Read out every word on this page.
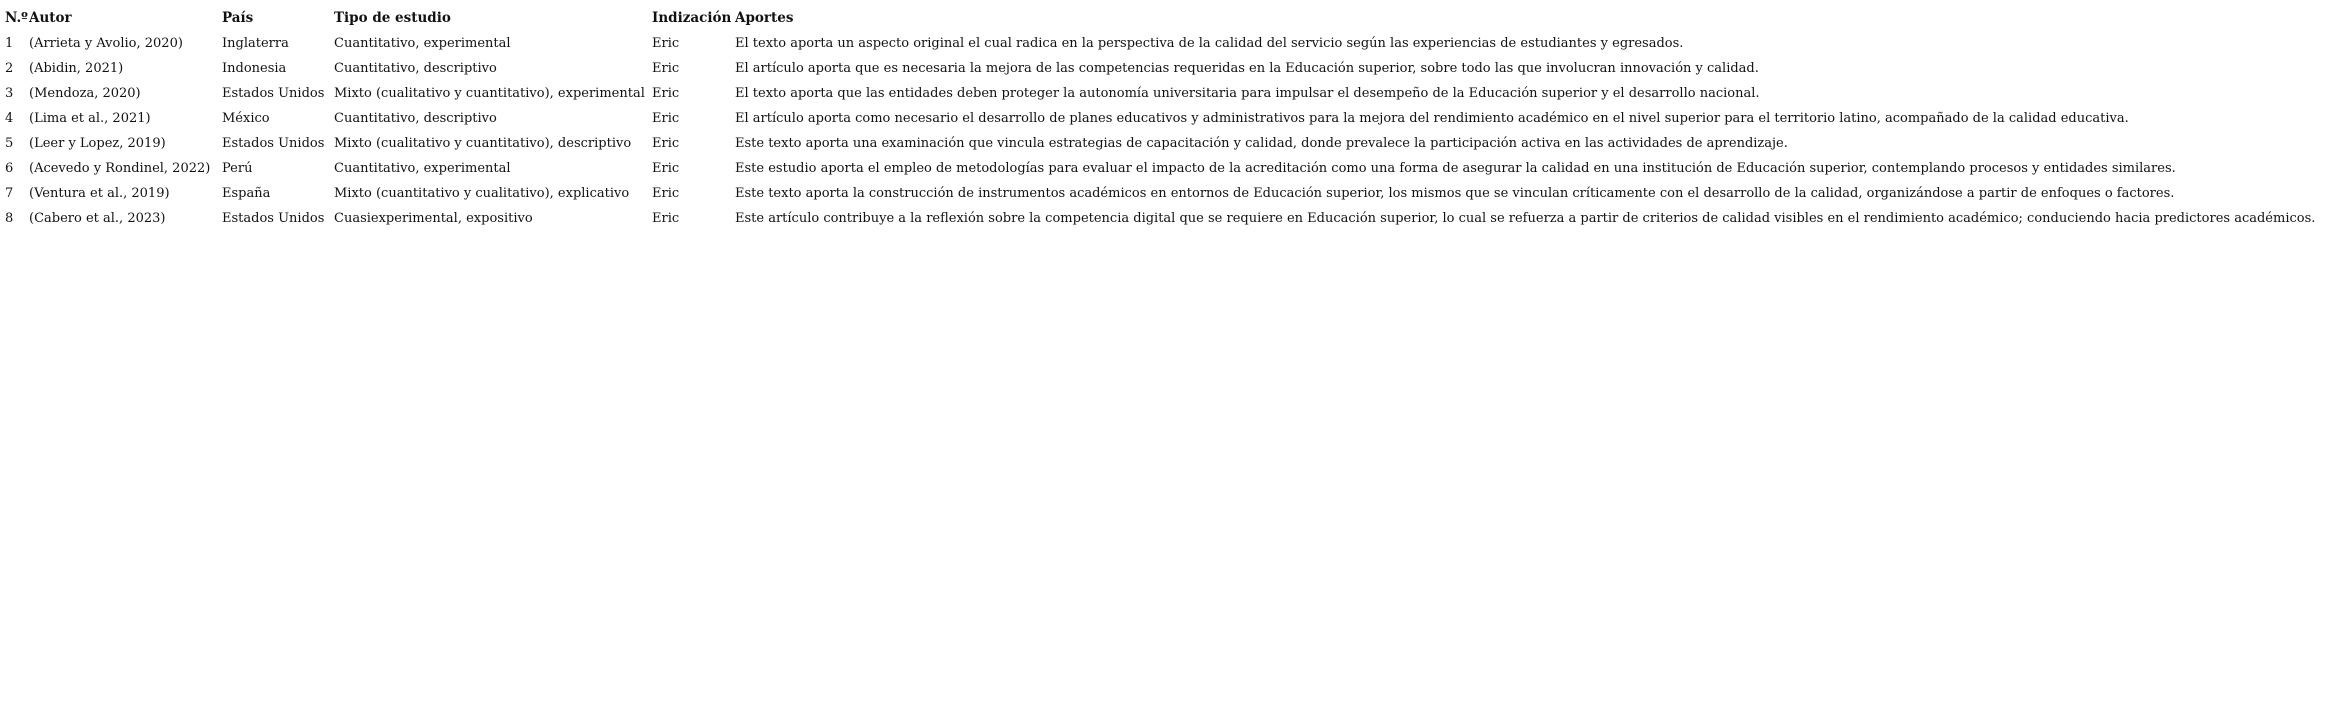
N.º	Autor	País	Tipo de estudio	Indización	Aportes
1	(Arrieta y Avolio, 2020)	Inglaterra	Cuantitativo, experimental	Eric	El texto aporta un aspecto original el cual radica en la perspectiva de la calidad del servicio según las experiencias de estudiantes y egresados.
2	(Abidin, 2021)	Indonesia	Cuantitativo, descriptivo	Eric	El artículo aporta que es necesaria la mejora de las competencias requeridas en la Educación superior, sobre todo las que involucran innovación y calidad.
3	(Mendoza, 2020)	Estados Unidos	Mixto (cualitativo y cuantitativo), experimental	Eric	El texto aporta que las entidades deben proteger la autonomía universitaria para impulsar el desempeño de la Educación superior y el desarrollo nacional.
4	(Lima et al., 2021)	México	Cuantitativo, descriptivo	Eric	El artículo aporta como necesario el desarrollo de planes educativos y administrativos para la mejora del rendimiento académico en el nivel superior para el territorio latino, acompañado de la calidad educativa.
5	(Leer y Lopez, 2019)	Estados Unidos	Mixto (cualitativo y cuantitativo), descriptivo	Eric	Este texto aporta una examinación que vincula estrategias de capacitación y calidad, donde prevalece la participación activa en las actividades de aprendizaje.
6	(Acevedo y Rondinel, 2022)	Perú	Cuantitativo, experimental	Eric	Este estudio aporta el empleo de metodologías para evaluar el impacto de la acreditación como una forma de asegurar la calidad en una institución de Educación superior, contemplando procesos y entidades similares.
7	(Ventura et al., 2019)	España	Mixto (cuantitativo y cualitativo), explicativo	Eric	Este texto aporta la construcción de instrumentos académicos en entornos de Educación superior, los mismos que se vinculan críticamente con el desarrollo de la calidad, organizándose a partir de enfoques o factores.
8	(Cabero et al., 2023)	Estados Unidos	Cuasiexperimental, expositivo	Eric	Este artículo contribuye a la reflexión sobre la competencia digital que se requiere en Educación superior, lo cual se refuerza a partir de criterios de calidad visibles en el rendimiento académico; conduciendo hacia predictores académicos.
